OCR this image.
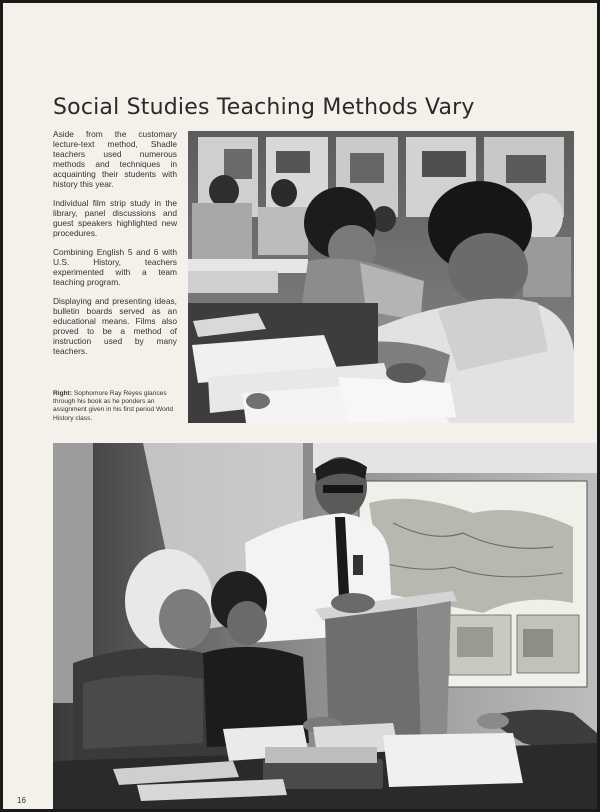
Social Studies Teaching Methods Vary

Aside from the customary lecture-text method, Shadle teachers used numerous methods and techniques in acquainting their students with history this year.

Individual film strip study in the library, panel discussions and guest speakers highlighted new procedures.

Combining English 5 and 6 with U.S. History, teachers experimented with a team teaching program.

Displaying and presenting ideas, bulletin boards served as an educational means. Films also proved to be a method of instruction used by many teachers.

Right: Sophomore Ray Reyes glances through his book as he ponders an assignment given in his first period World History class.
16
